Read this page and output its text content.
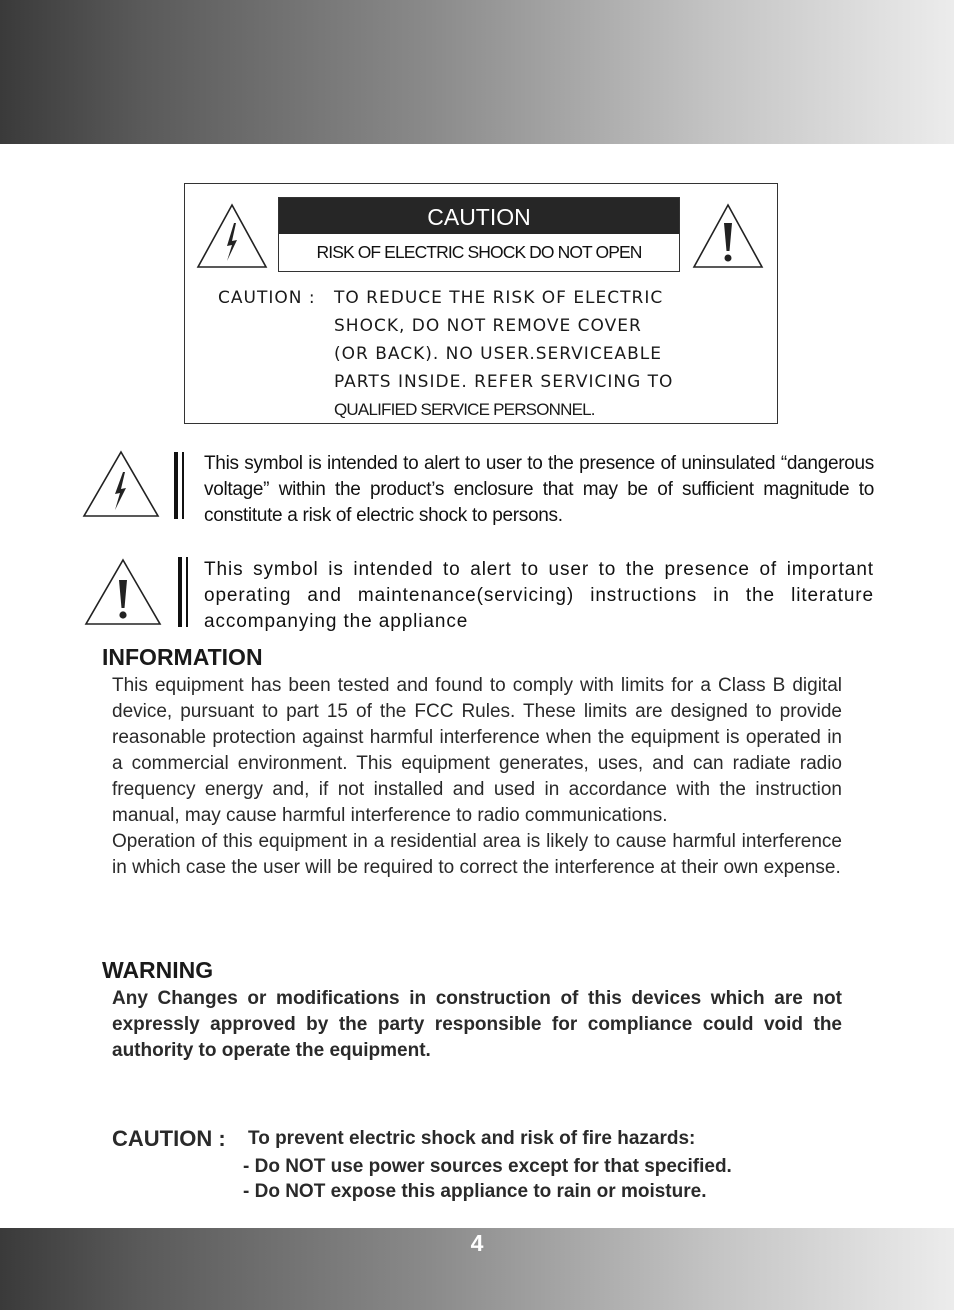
CAUTION
RISK OF ELECTRIC SHOCK DO NOT OPEN
CAUTION : TO REDUCE THE RISK OF ELECTRIC
SHOCK, DO NOT REMOVE COVER
(OR BACK). NO USER.SERVICEABLE
PARTS INSIDE. REFER SERVICING TO
QUALIFIED SERVICE PERSONNEL.
This symbol is intended to alert to user to the presence of uninsulated “dangerous voltage” within the product’s enclosure that may be of sufficient magnitude to constitute a risk of electric shock to persons.
This symbol is intended to alert to user to the presence of important operating and maintenance(servicing) instructions in the literature accompanying the appliance
INFORMATION

This equipment has been tested and found to comply with limits for a Class B digital device, pursuant to part 15 of the FCC Rules. These limits are designed to provide reasonable protection against harmful interference when the equipment is operated in a commercial environment. This equipment generates, uses, and can radiate radio frequency energy and, if not installed and used in accordance with the instruction manual, may cause harmful interference to radio communications.

Operation of this equipment in a residential area is likely to cause harmful interference in which case the user will be required to correct the interference at their own expense.

WARNING
Any Changes or modifications in construction of this devices which are not expressly approved by the party responsible for compliance could void the authority to operate the equipment.
CAUTION : To prevent electric shock and risk of fire hazards:
- Do NOT use power sources except for that specified.
- Do NOT expose this appliance to rain or moisture.
4
